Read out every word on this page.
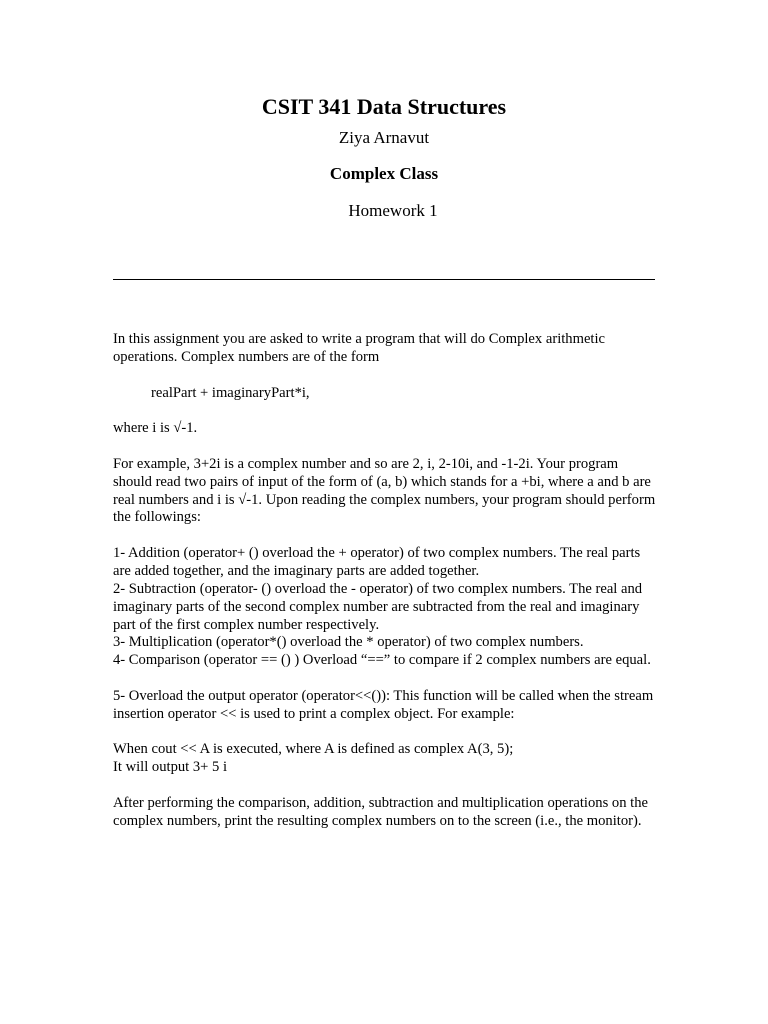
CSIT 341 Data Structures
Ziya Arnavut
Complex Class
Homework 1

In this assignment you are asked to write a program that will do Complex arithmetic operations. Complex numbers are of the form

realPart + imaginaryPart*i,

where i is √-1.

For example, 3+2i is a complex number and so are 2, i, 2-10i, and -1-2i. Your program should read two pairs of input of the form of (a, b) which stands for a +bi, where a and b are real numbers and i is √-1. Upon reading the complex numbers, your program should perform the followings:

1- Addition (operator+ () overload the + operator) of two complex numbers. The real parts are added together, and the imaginary parts are added together.

2- Subtraction (operator- () overload the - operator) of two complex numbers. The real and imaginary parts of the second complex number are subtracted from the real and imaginary part of the first complex number respectively.

3- Multiplication (operator*() overload the * operator) of two complex numbers.

4- Comparison (operator == () ) Overload “==” to compare if 2 complex numbers are equal.

5- Overload the output operator (operator<<()): This function will be called when the stream insertion operator << is used to print a complex object. For example:

When cout << A is executed, where A is defined as complex A(3, 5);

It will output 3+ 5 i

After performing the comparison, addition, subtraction and multiplication operations on the complex numbers, print the resulting complex numbers on to the screen (i.e., the monitor).
